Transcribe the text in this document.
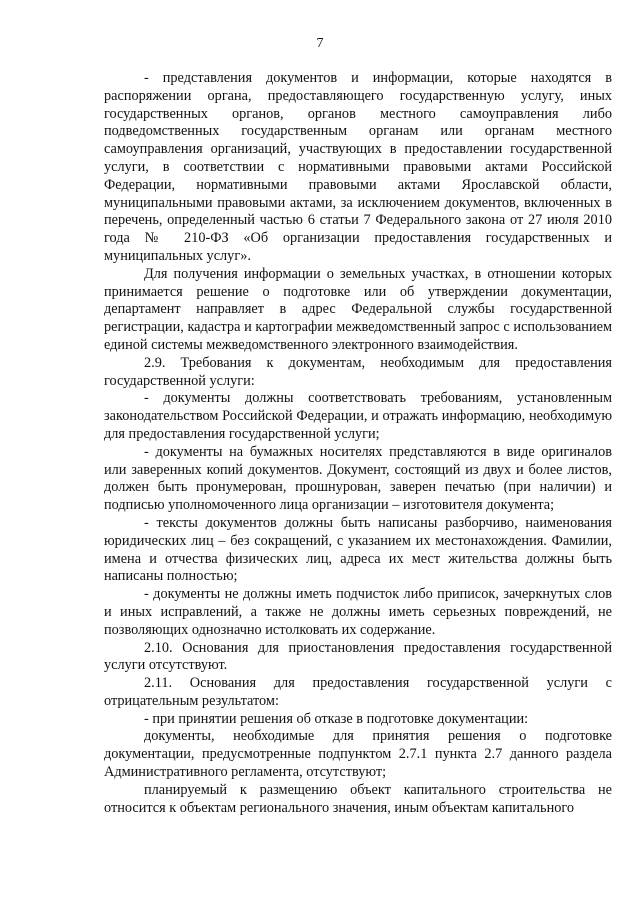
7

- представления документов и информации, которые находятся в распоряжении органа, предоставляющего государственную услугу, иных государственных органов, органов местного самоуправления либо подведомственных государственным органам или органам местного самоуправления организаций, участвующих в предоставлении государственной услуги, в соответствии с нормативными правовыми актами Российской Федерации, нормативными правовыми актами Ярославской области, муниципальными правовыми актами, за исключением документов, включенных в перечень, определенный частью 6 статьи 7 Федерального закона от 27 июля 2010 года № 210-ФЗ «Об организации предоставления государственных и муниципальных услуг».

Для получения информации о земельных участках, в отношении которых принимается решение о подготовке или об утверждении документации, департамент направляет в адрес Федеральной службы государственной регистрации, кадастра и картографии межведомственный запрос с использованием единой системы межведомственного электронного взаимодействия.

2.9. Требования к документам, необходимым для предоставления государственной услуги:

- документы должны соответствовать требованиям, установленным законодательством Российской Федерации, и отражать информацию, необходимую для предоставления государственной услуги;

- документы на бумажных носителях представляются в виде оригиналов или заверенных копий документов. Документ, состоящий из двух и более листов, должен быть пронумерован, прошнурован, заверен печатью (при наличии) и подписью уполномоченного лица организации – изготовителя документа;

- тексты документов должны быть написаны разборчиво, наименования юридических лиц – без сокращений, с указанием их местонахождения. Фамилии, имена и отчества физических лиц, адреса их мест жительства должны быть написаны полностью;

- документы не должны иметь подчисток либо приписок, зачеркнутых слов и иных исправлений, а также не должны иметь серьезных повреждений, не позволяющих однозначно истолковать их содержание.

2.10. Основания для приостановления предоставления государственной услуги отсутствуют.

2.11. Основания для предоставления государственной услуги с отрицательным результатом:

- при принятии решения об отказе в подготовке документации:

документы, необходимые для принятия решения о подготовке документации, предусмотренные подпунктом 2.7.1 пункта 2.7 данного раздела Административного регламента, отсутствуют;

планируемый к размещению объект капитального строительства не относится к объектам регионального значения, иным объектам капитального
